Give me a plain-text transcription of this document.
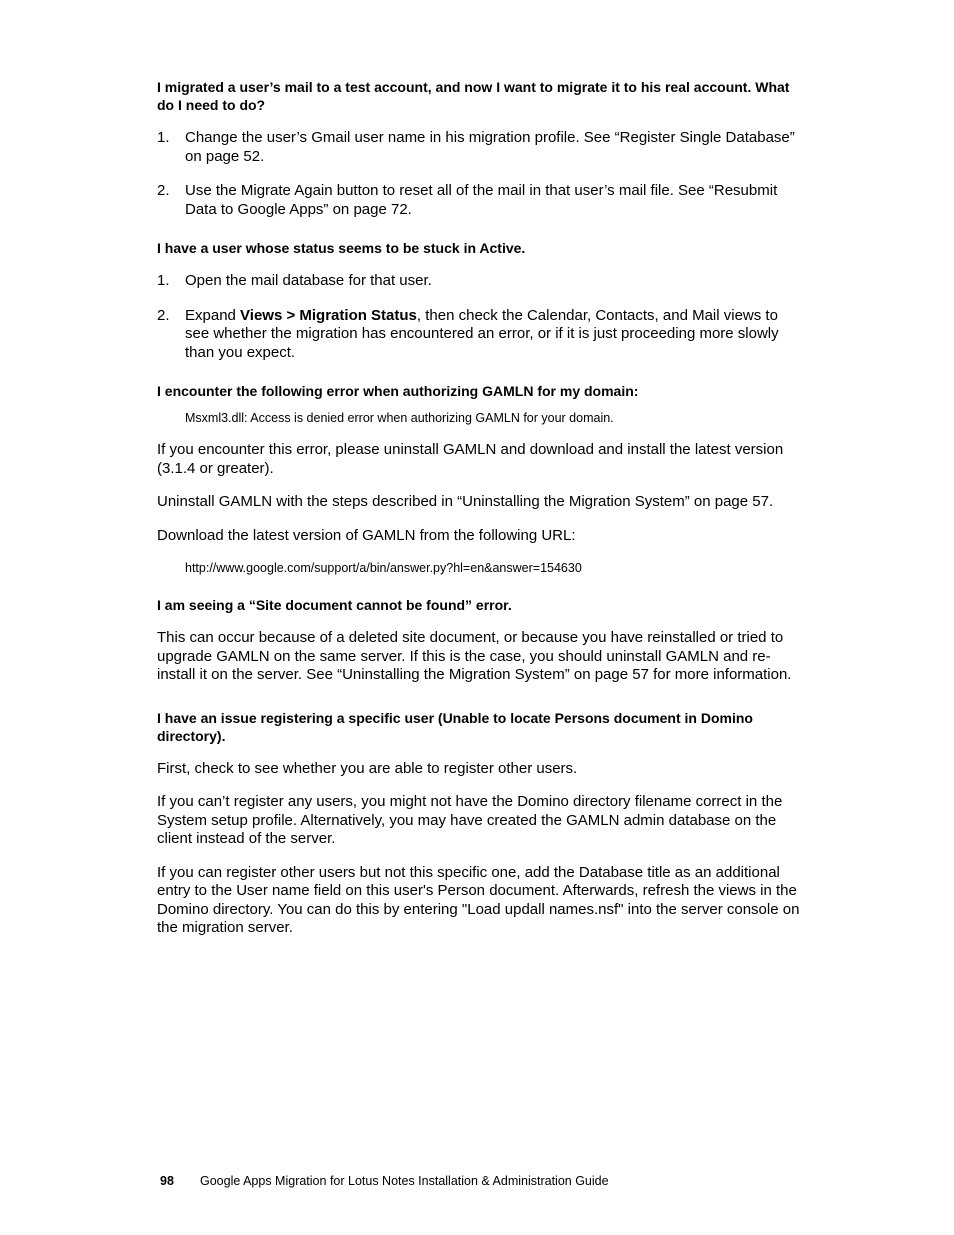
I migrated a user’s mail to a test account, and now I want to migrate it to his real account. What do I need to do?
1. Change the user’s Gmail user name in his migration profile. See “Register Single Database” on page 52.
2. Use the Migrate Again button to reset all of the mail in that user’s mail file. See “Resubmit Data to Google Apps” on page 72.
I have a user whose status seems to be stuck in Active.
1. Open the mail database for that user.
2. Expand Views > Migration Status, then check the Calendar, Contacts, and Mail views to see whether the migration has encountered an error, or if it is just proceeding more slowly than you expect.
I encounter the following error when authorizing GAMLN for my domain:
Msxml3.dll: Access is denied error when authorizing GAMLN for your domain.

If you encounter this error, please uninstall GAMLN and download and install the latest version (3.1.4 or greater).

Uninstall GAMLN with the steps described in “Uninstalling the Migration System” on page 57.

Download the latest version of GAMLN from the following URL:

http://www.google.com/support/a/bin/answer.py?hl=en&answer=154630
I am seeing a “Site document cannot be found” error.

This can occur because of a deleted site document, or because you have reinstalled or tried to upgrade GAMLN on the same server. If this is the case, you should uninstall GAMLN and re-install it on the server. See “Uninstalling the Migration System” on page 57 for more information.

I have an issue registering a specific user (Unable to locate Persons document in Domino directory).

First, check to see whether you are able to register other users.

If you can’t register any users, you might not have the Domino directory filename correct in the System setup profile. Alternatively, you may have created the GAMLN admin database on the client instead of the server.

If you can register other users but not this specific one, add the Database title as an additional entry to the User name field on this user's Person document. Afterwards, refresh the views in the Domino directory. You can do this by entering "Load updall names.nsf" into the server console on the migration server.

98 Google Apps Migration for Lotus Notes Installation & Administration Guide
